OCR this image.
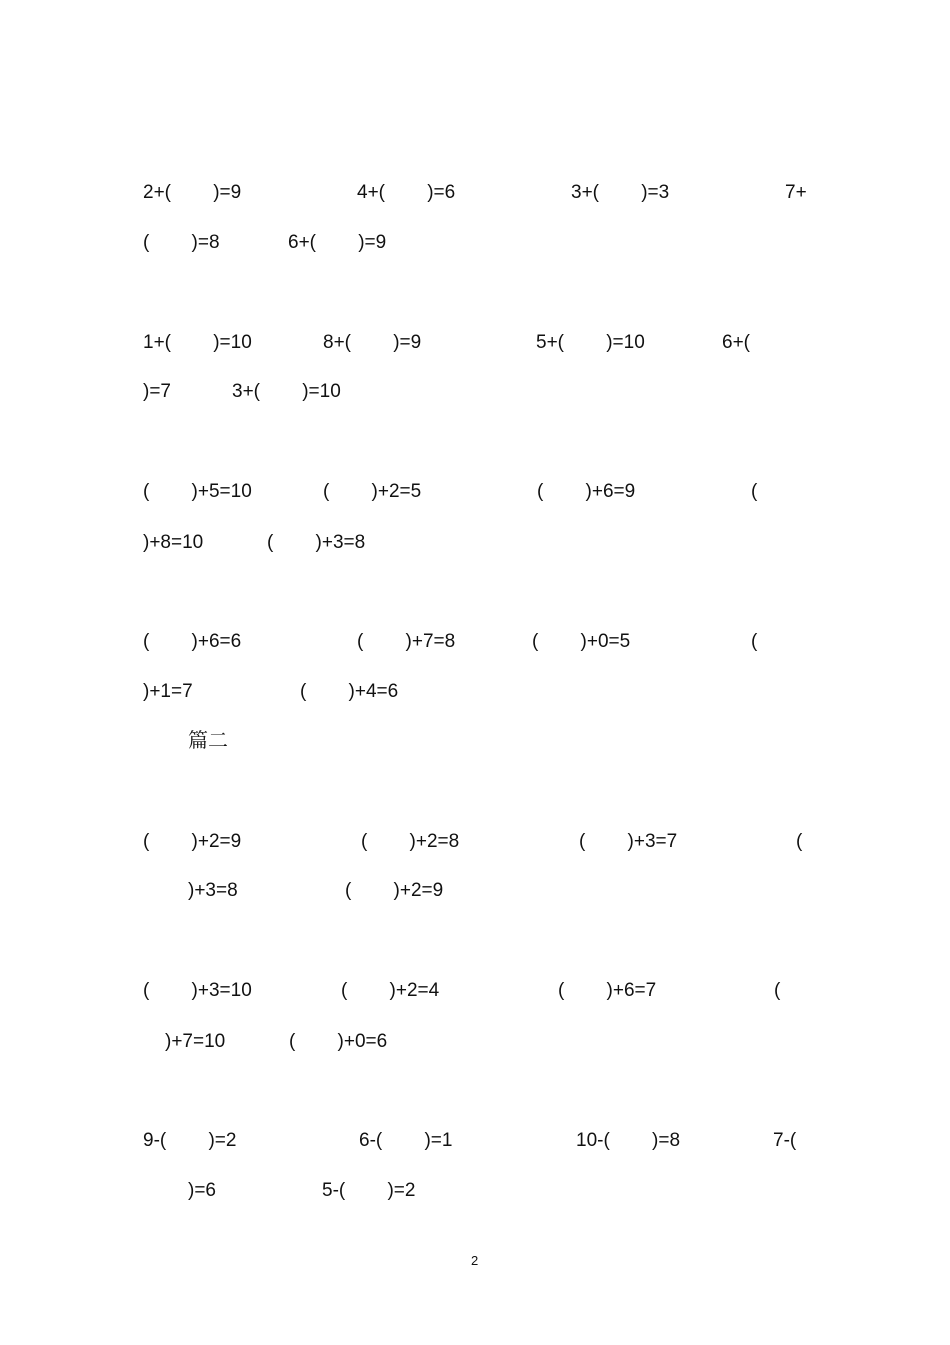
2+(        )=9	4+(        )=6	3+(        )=3	7+
(        )=8	6+(        )=9
1+(        )=10	8+(        )=9	5+(        )=10	6+(
)=7	3+(        )=10
(        )+5=10	(        )+2=5	(        )+6=9	(
)+8=10	(        )+3=8
(        )+6=6	(        )+7=8	(        )+0=5	(
)+1=7	(        )+4=6
篇二
(        )+2=9	(        )+2=8	(        )+3=7	(
)+3=8	(        )+2=9
(        )+3=10	(        )+2=4	(        )+6=7	(
)+7=10	(        )+0=6
9-(        )=2	6-(        )=1	10-(        )=8	7-(
)=6	5-(        )=2
2
